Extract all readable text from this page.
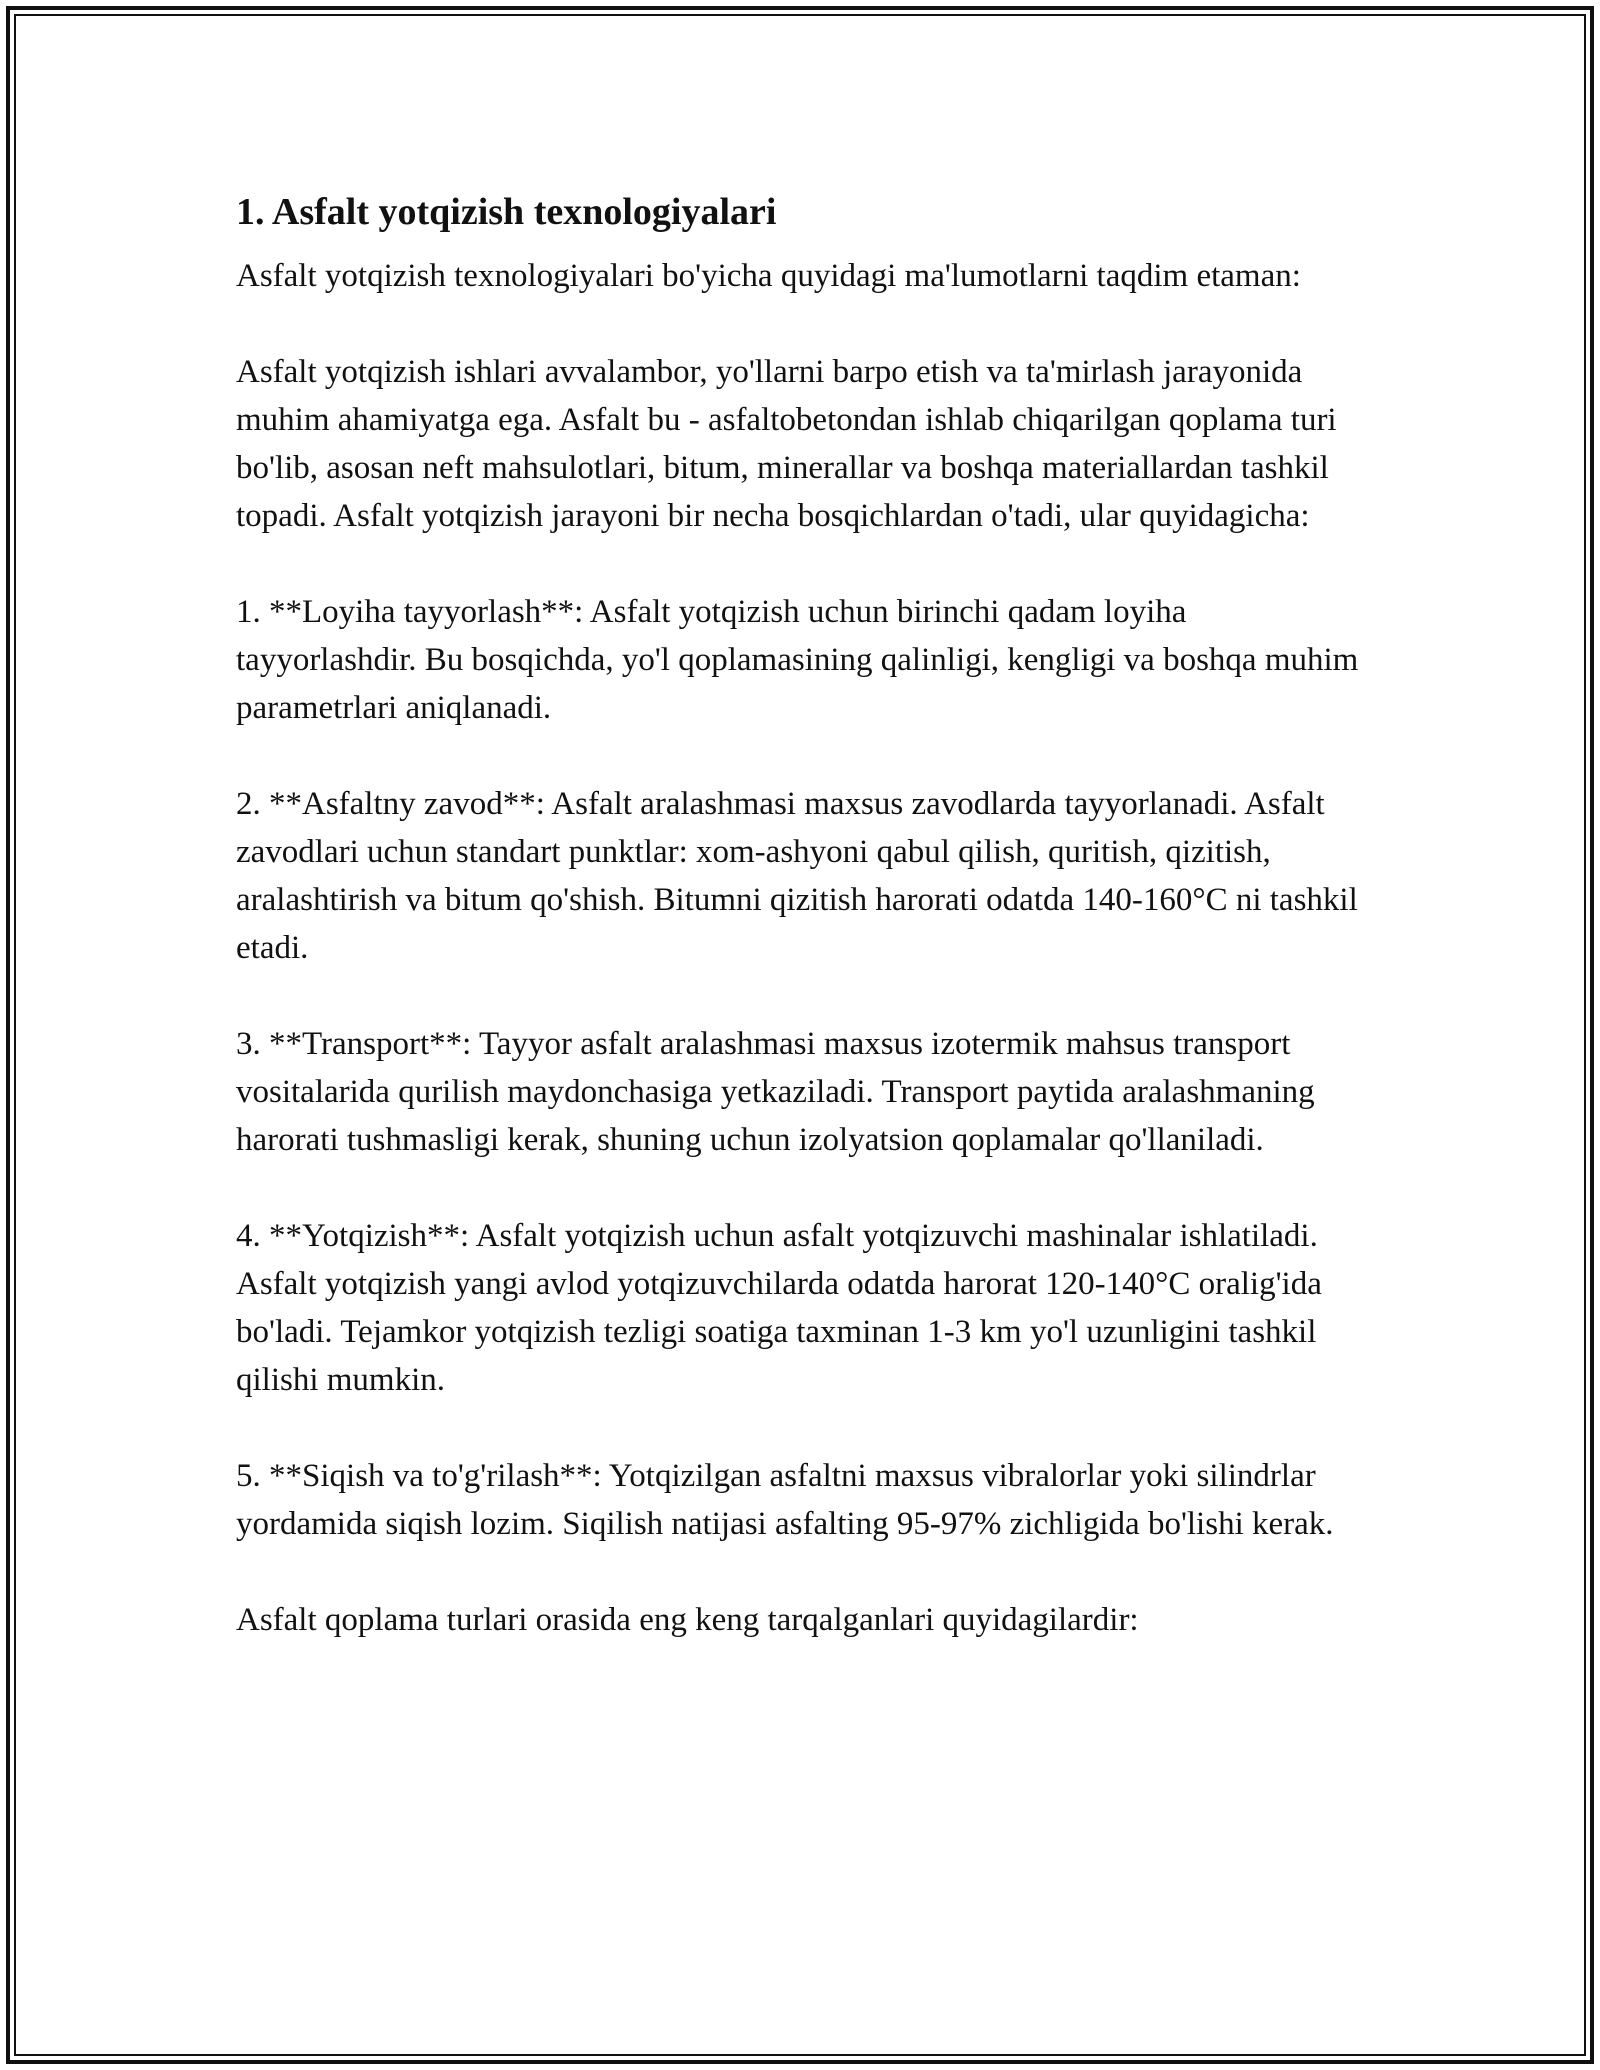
1. Asfalt yotqizish texnologiyalari
Asfalt yotqizish texnologiyalari bo'yicha quyidagi ma'lumotlarni taqdim etaman:
Asfalt yotqizish ishlari avvalambor, yo'llarni barpo etish va ta'mirlash jarayonida muhim ahamiyatga ega. Asfalt bu - asfaltobetondan ishlab chiqarilgan qoplama turi bo'lib, asosan neft mahsulotlari, bitum, minerallar va boshqa materiallardan tashkil topadi. Asfalt yotqizish jarayoni bir necha bosqichlardan o'tadi, ular quyidagicha:
1. **Loyiha tayyorlash**: Asfalt yotqizish uchun birinchi qadam loyiha tayyorlashdir. Bu bosqichda, yo'l qoplamasining qalinligi, kengligi va boshqa muhim parametrlari aniqlanadi.
2. **Asfaltny zavod**: Asfalt aralashmasi maxsus zavodlarda tayyorlanadi. Asfalt zavodlari uchun standart punktlar: xom-ashyoni qabul qilish, quritish, qizitish, aralashtirish va bitum qo'shish. Bitumni qizitish harorati odatda 140-160°C ni tashkil etadi.
3. **Transport**: Tayyor asfalt aralashmasi maxsus izotermik mahsus transport vositalarida qurilish maydonchasiga yetkaziladi. Transport paytida aralashmaning harorati tushmasligi kerak, shuning uchun izolyatsion qoplamalar qo'llaniladi.
4. **Yotqizish**: Asfalt yotqizish uchun asfalt yotqizuvchi mashinalar ishlatiladi. Asfalt yotqizish yangi avlod yotqizuvchilarda odatda harorat 120-140°C oralig'ida bo'ladi. Tejamkor yotqizish tezligi soatiga taxminan 1-3 km yo'l uzunligini tashkil qilishi mumkin.
5. **Siqish va to'g'rilash**: Yotqizilgan asfaltni maxsus vibralorlar yoki silindrlar yordamida siqish lozim. Siqilish natijasi asfalting 95-97% zichligida bo'lishi kerak.
Asfalt qoplama turlari orasida eng keng tarqalganlari quyidagilardir:
